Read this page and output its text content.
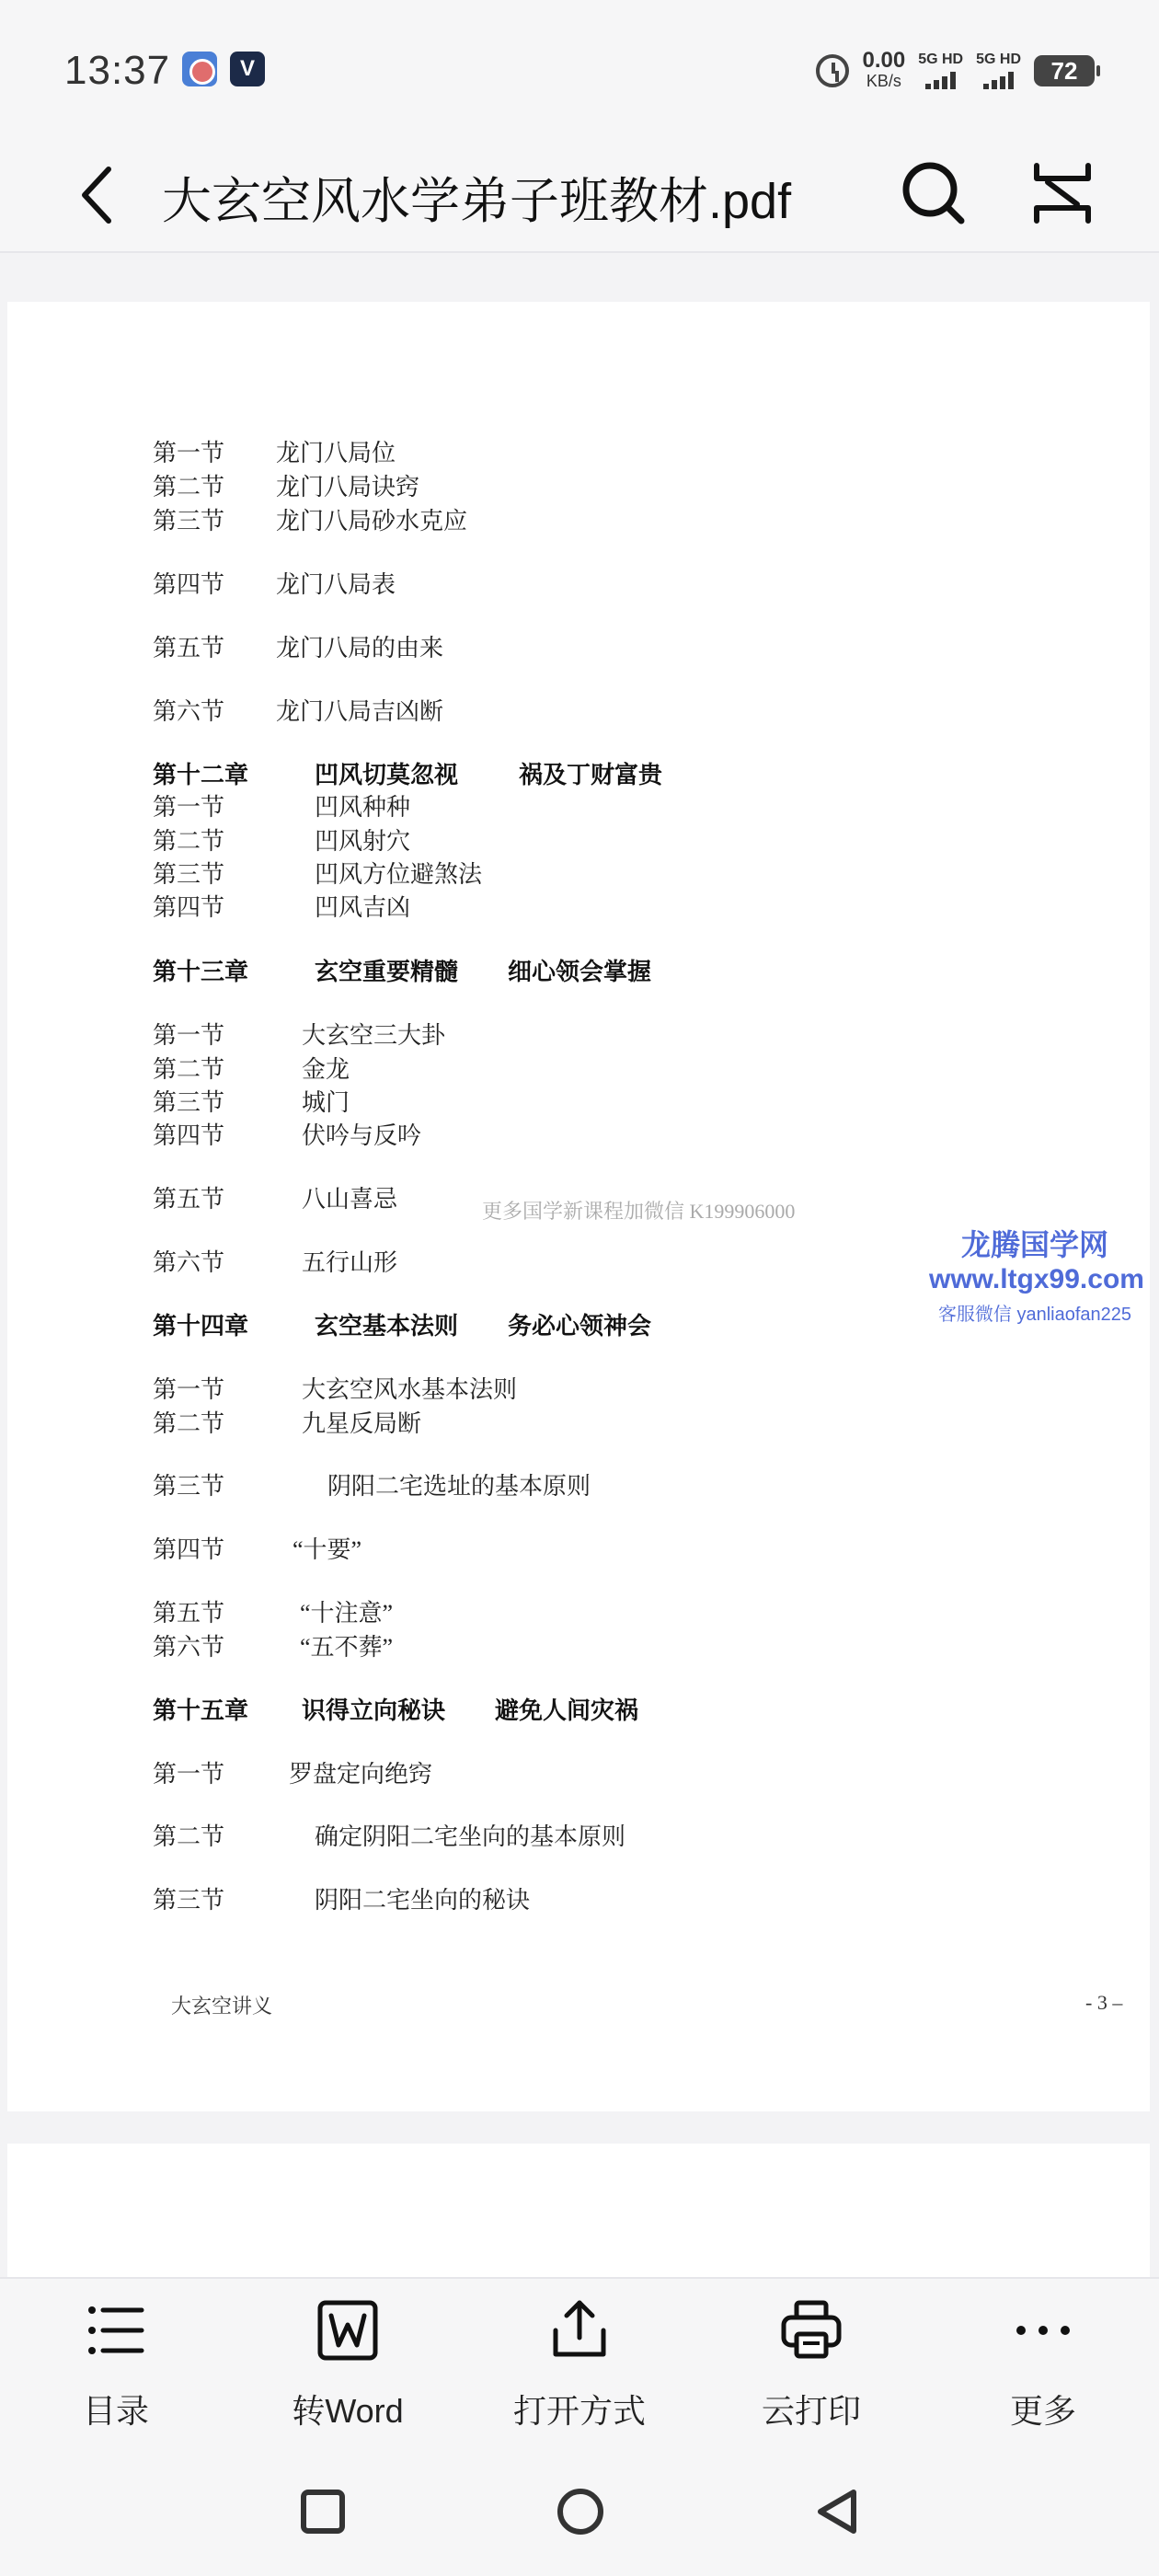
13:37	V	0.00
KB/s
5G HD 5G HD	72
大玄空风水学弟子班教材.pdf
第一节 龙门八局位
第二节 龙门八局诀窍
第三节 龙门八局砂水克应
第四节 龙门八局表
第五节 龙门八局的由来
第六节 龙门八局吉凶断
第十二章	凹风切莫忽视	祸及丁财富贵
第一节	凹风种种
第二节	凹风射穴
第三节	凹风方位避煞法
第四节	凹风吉凶
第十三章	玄空重要精髓 细心领会掌握
第一节	大玄空三大卦
第二节	金龙
第三节	城门
第四节	伏吟与反吟
第五节	八山喜忌
第六节	五行山形
第十四章	玄空基本法则 务必心领神会
第一节	大玄空风水基本法则
第二节	九星反局断
第三节	阴阳二宅选址的基本原则
第四节	“十要”
第五节	“十注意”
第六节	“五不葬”
第十五章 识得立向秘诀 避免人间灾祸
第一节	罗盘定向绝窍
第二节	确定阴阳二宅坐向的基本原则
第三节	阴阳二宅坐向的秘诀
更多国学新课程加微信 K199906000
龙腾国学网
www.ltgx99.com
客服微信 yanliaofan225
大玄空讲义	- 3 –
目录	转Word	打开方式	云打印	更多
